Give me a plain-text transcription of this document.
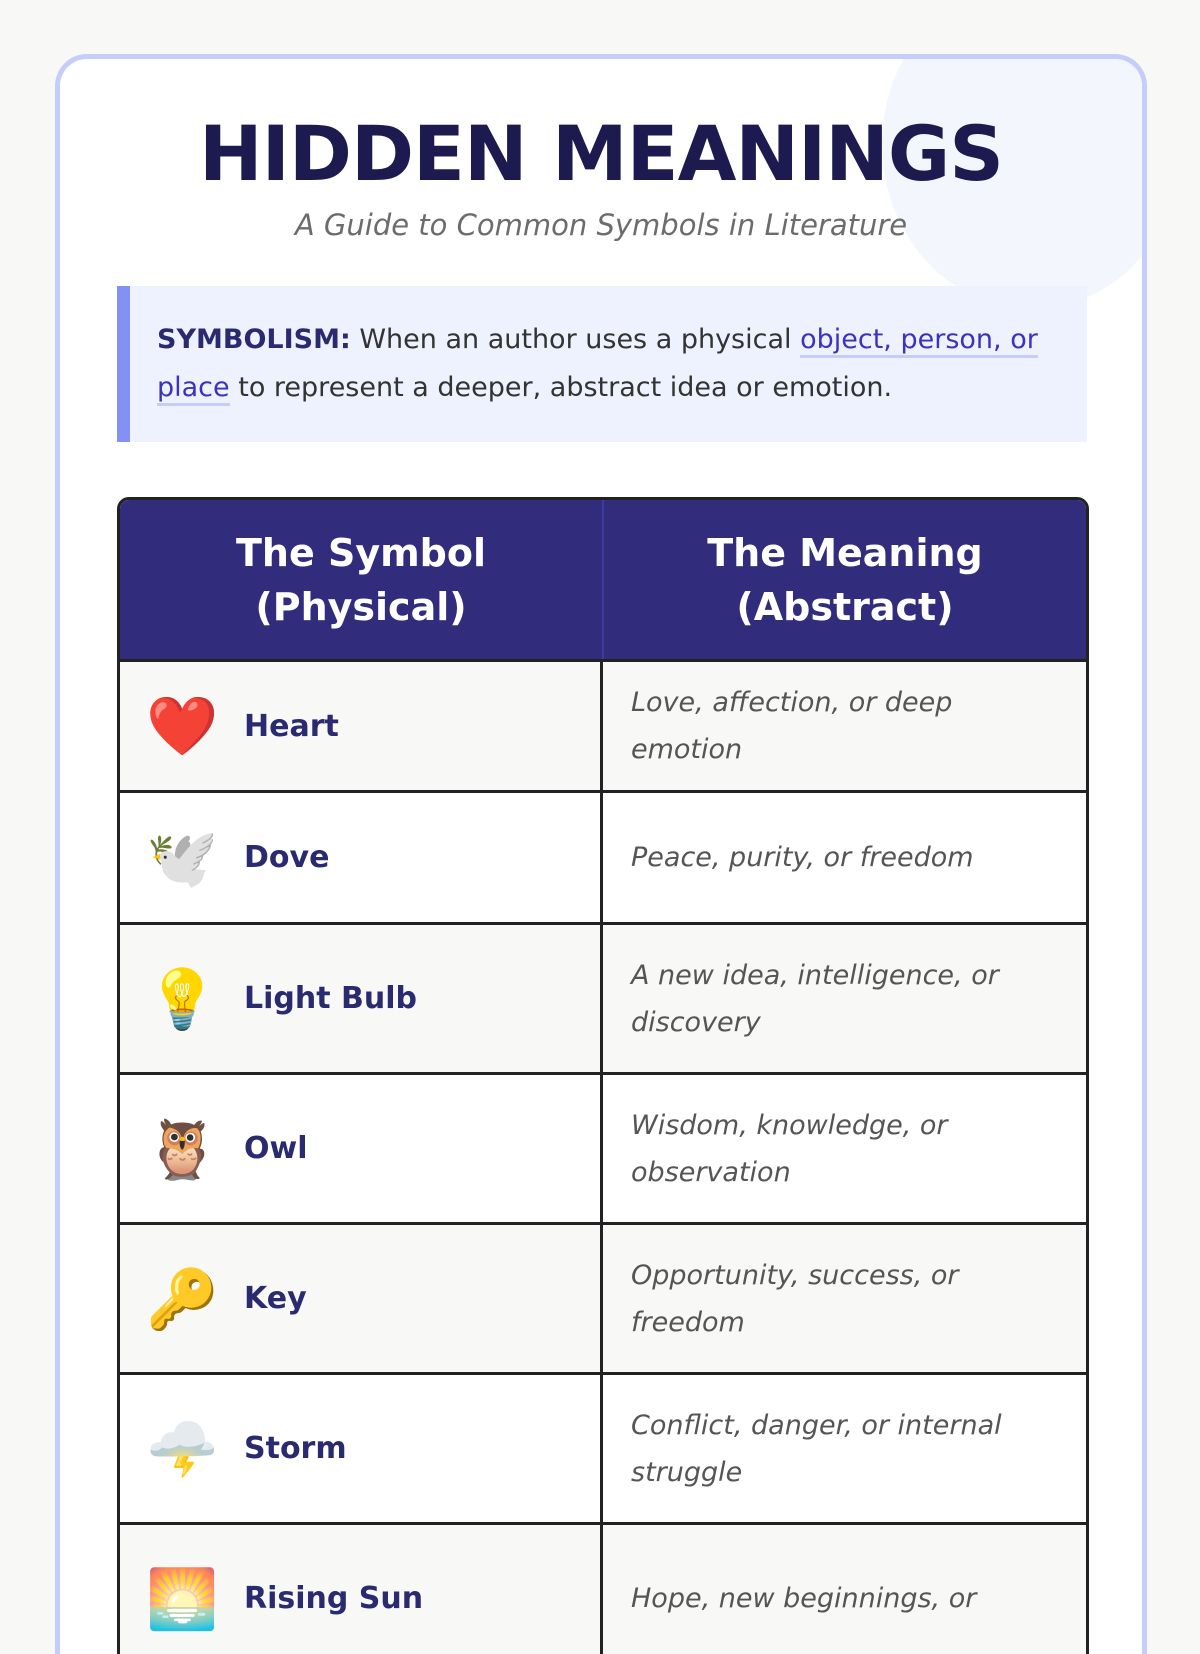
HIDDEN MEANINGS
A Guide to Common Symbols in Literature
SYMBOLISM: When an author uses a physical object, person, or place to represent a deeper, abstract idea or emotion.
The Symbol
(Physical)
The Meaning
(Abstract)
❤️ Heart
Love, affection, or deep emotion
🕊️ Dove	Peace, purity, or freedom
💡 Light Bulb
A new idea, intelligence, or discovery
🦉 Owl
Wisdom, knowledge, or observation
🔑 Key
Opportunity, success, or freedom
🌩️ Storm
Conflict, danger, or internal struggle
🌅 Rising Sun	Hope, new beginnings, or
